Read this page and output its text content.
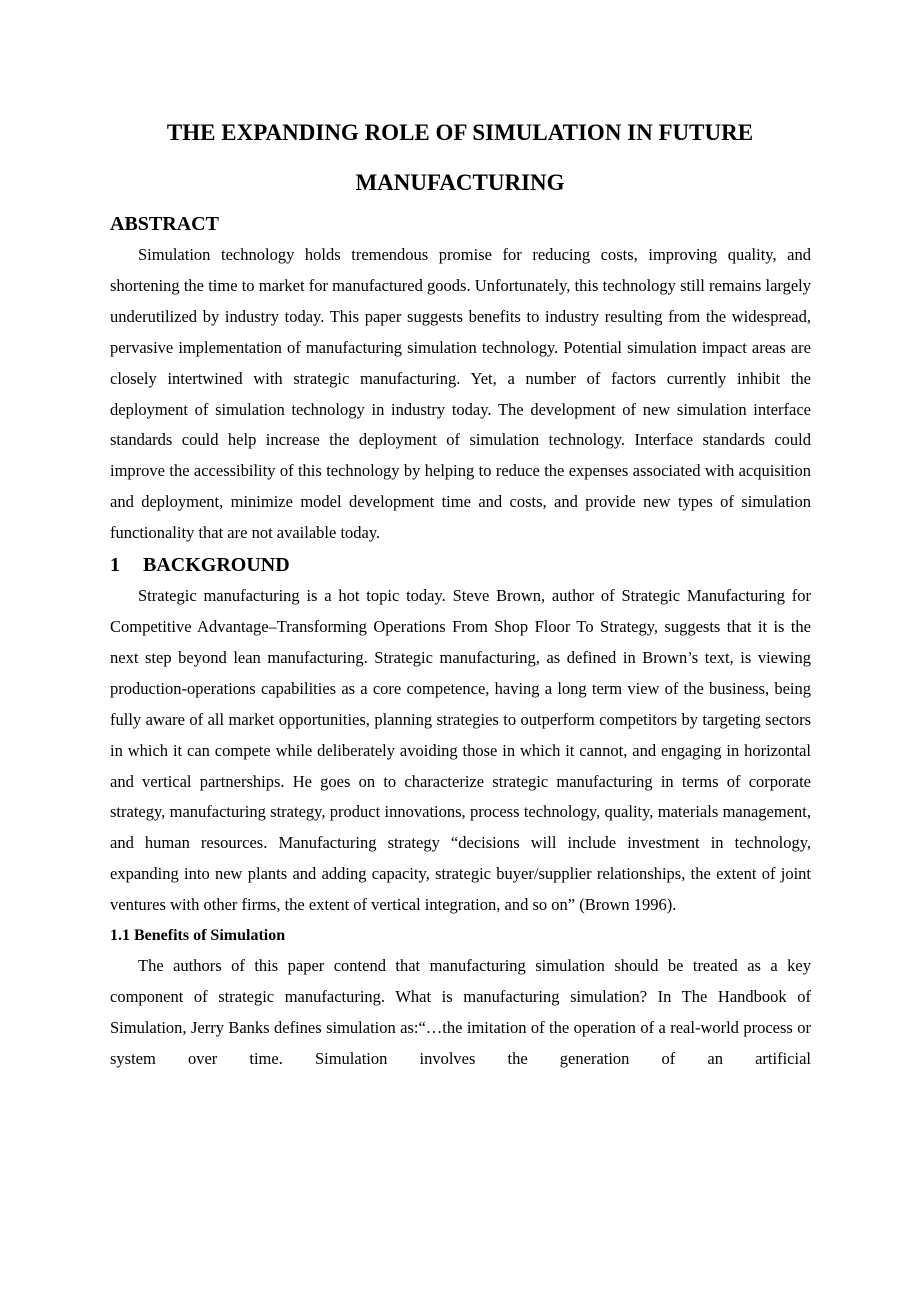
THE EXPANDING ROLE OF SIMULATION IN FUTURE
MANUFACTURING
ABSTRACT

Simulation technology holds tremendous promise for reducing costs, improving quality, and shortening the time to market for manufactured goods. Unfortunately, this technology still remains largely underutilized by industry today. This paper suggests benefits to industry resulting from the widespread, pervasive implementation of manufacturing simulation technology. Potential simulation impact areas are closely intertwined with strategic manufacturing. Yet, a number of factors currently inhibit the deployment of simulation technology in industry today. The development of new simulation interface standards could help increase the deployment of simulation technology. Interface standards could improve the accessibility of this technology by helping to reduce the expenses associated with acquisition and deployment, minimize model development time and costs, and provide new types of simulation functionality that are not available today.

1 BACKGROUND

Strategic manufacturing is a hot topic today. Steve Brown, author of Strategic Manufacturing for Competitive Advantage–Transforming Operations From Shop Floor To Strategy, suggests that it is the next step beyond lean manufacturing. Strategic manufacturing, as defined in Brown’s text, is viewing production-operations capabilities as a core competence, having a long term view of the business, being fully aware of all market opportunities, planning strategies to outperform competitors by targeting sectors in which it can compete while deliberately avoiding those in which it cannot, and engaging in horizontal and vertical partnerships. He goes on to characterize strategic manufacturing in terms of corporate strategy, manufacturing strategy, product innovations, process technology, quality, materials management, and human resources. Manufacturing strategy “decisions will include investment in technology, expanding into new plants and adding capacity, strategic buyer/supplier relationships, the extent of joint ventures with other firms, the extent of vertical integration, and so on” (Brown 1996).

1.1 Benefits of Simulation

The authors of this paper contend that manufacturing simulation should be treated as a key component of strategic manufacturing. What is manufacturing simulation? In The Handbook of Simulation, Jerry Banks defines simulation as:“…the imitation of the operation of a real-world process or system over time. Simulation involves the generation of an artificial
